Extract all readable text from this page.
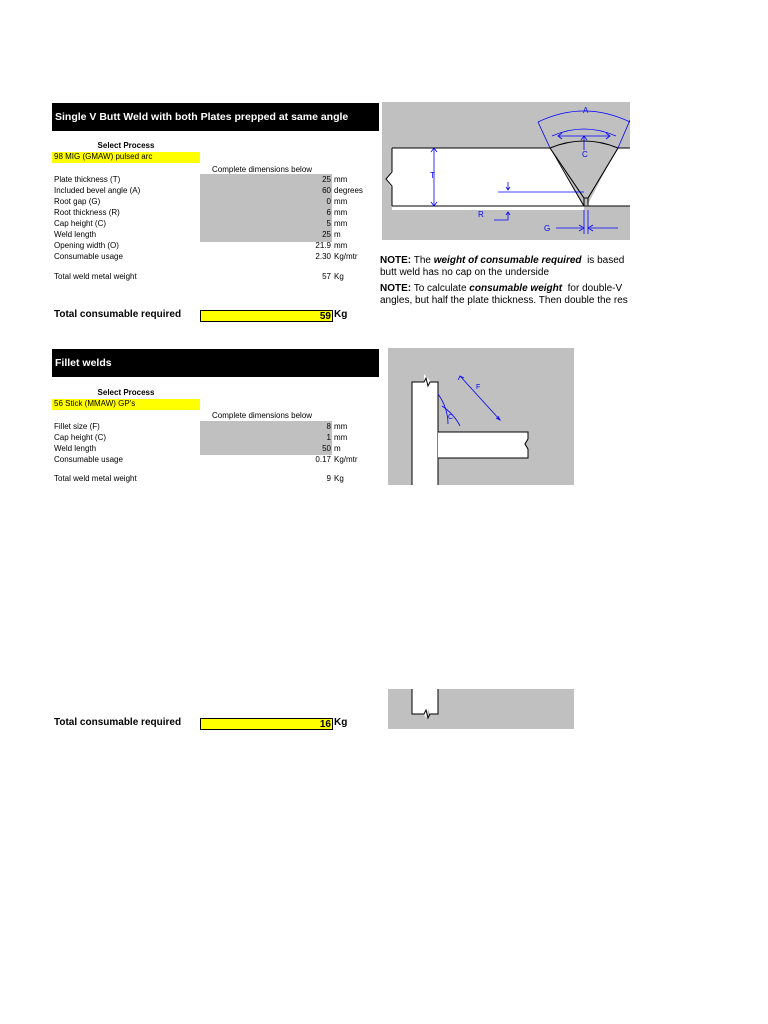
Single V Butt Weld with both Plates prepped at same angle
Select Process
98 MIG (GMAW) pulsed arc
Complete dimensions below
Plate thickness (T)	25 mm
Included bevel angle (A)	60 degrees
Root gap (G)	0 mm
Root thickness (R)	6 mm
Cap height (C)	5 mm
Weld length	25 m
Opening width (O)	21.9 mm
Consumable usage	2.30 Kg/mtr
Total weld metal weight	57 Kg
Total consumable required	59 Kg
A
C
T
R
G
NOTE: The weight of consumable required  is based
butt weld has no cap on the underside
NOTE: To calculate consumable weight  for double-V
angles, but half the plate thickness. Then double the res
Fillet welds
Select Process
56 Stick (MMAW) GP's
Complete dimensions below
Fillet size (F)	8 mm
Cap height (C)	1 mm
Weld length	50 m
Consumable usage	0.17 Kg/mtr
Total weld metal weight	9 Kg
F
C
Total consumable required	16 Kg
